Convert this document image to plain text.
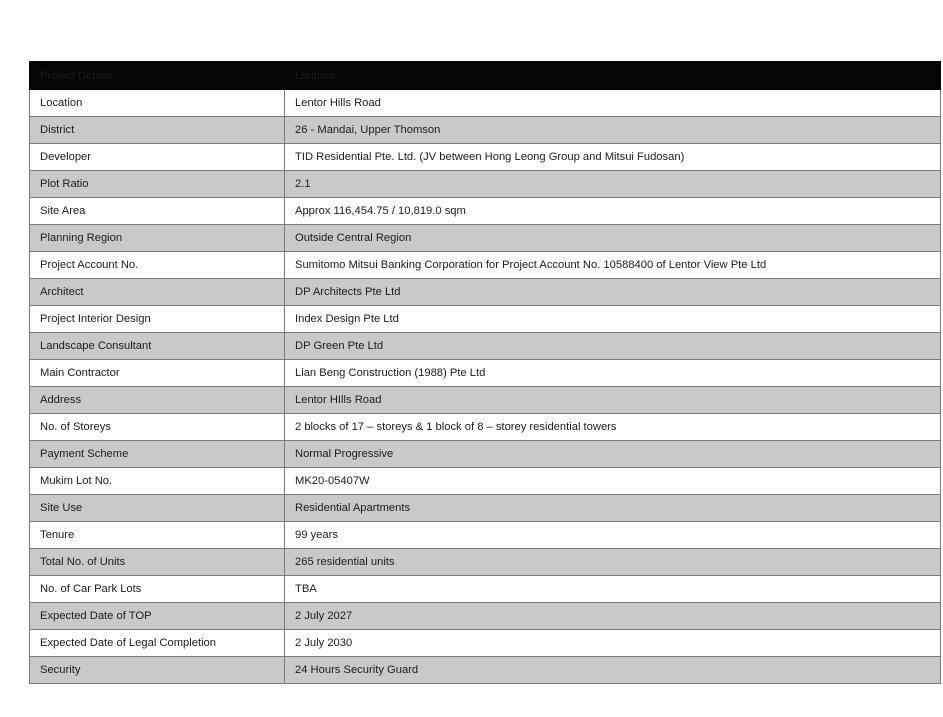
Project Details	Lentoria
Location	Lentor Hills Road
District	26 - Mandai, Upper Thomson
Developer	TID Residential Pte. Ltd. (JV between Hong Leong Group and Mitsui Fudosan)
Plot Ratio	2.1
Site Area	Approx 116,454.75 / 10,819.0 sqm
Planning Region	Outside Central Region
Project Account No.	Sumitomo Mitsui Banking Corporation for Project Account No. 10588400 of Lentor View Pte Ltd
Architect	DP Architects Pte Ltd
Project Interior Design	Index Design Pte Ltd
Landscape Consultant	DP Green Pte Ltd
Main Contractor	Lian Beng Construction (1988) Pte Ltd
Address	Lentor HIlls Road
No. of Storeys	2 blocks of 17 – storeys & 1 block of 8 – storey residential towers
Payment Scheme	Normal Progressive
Mukim Lot No.	MK20-05407W
Site Use	Residential Apartments
Tenure	99 years
Total No. of Units	265 residential units
No. of Car Park Lots	TBA
Expected Date of TOP	2 July 2027
Expected Date of Legal Completion	2 July 2030
Security	24 Hours Security Guard
